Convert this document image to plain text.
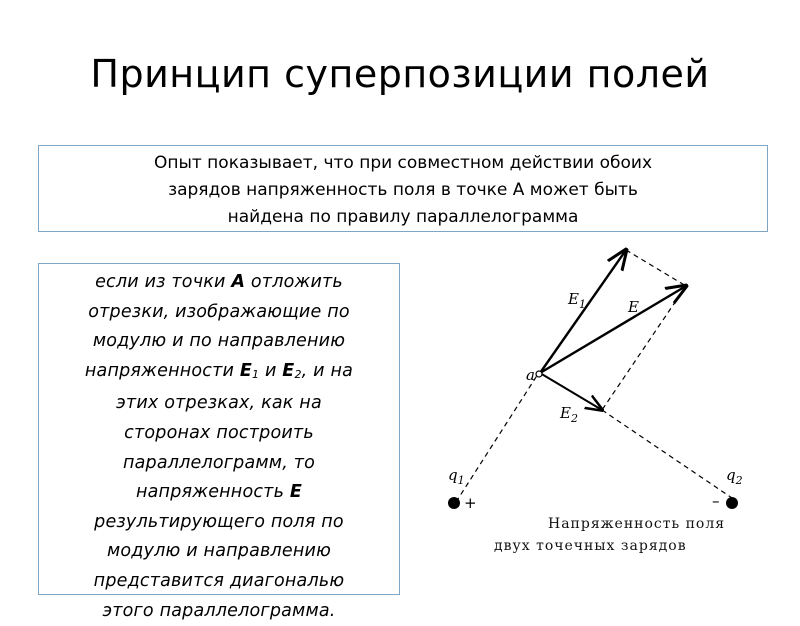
Принцип суперпозиции полей
Опыт показывает, что при совместном действии обоих
зарядов напряженность поля в точке А может быть
найдена по правилу параллелограмма
если из точки А отложить
отрезки, изображающие по
модулю и по направлению
напряженности $Е_1$ и $Е_2$, и на
этих отрезках, как на
сторонах построить
параллелограмм, то
напряженность Е
результирующего поля по
модулю и направлению
представится диагональю
этого параллелограмма.
$E_1$	E
$E_2$
a
$q_1$	$q_2$
+	–
Напряженность поля
двух точечных зарядов
